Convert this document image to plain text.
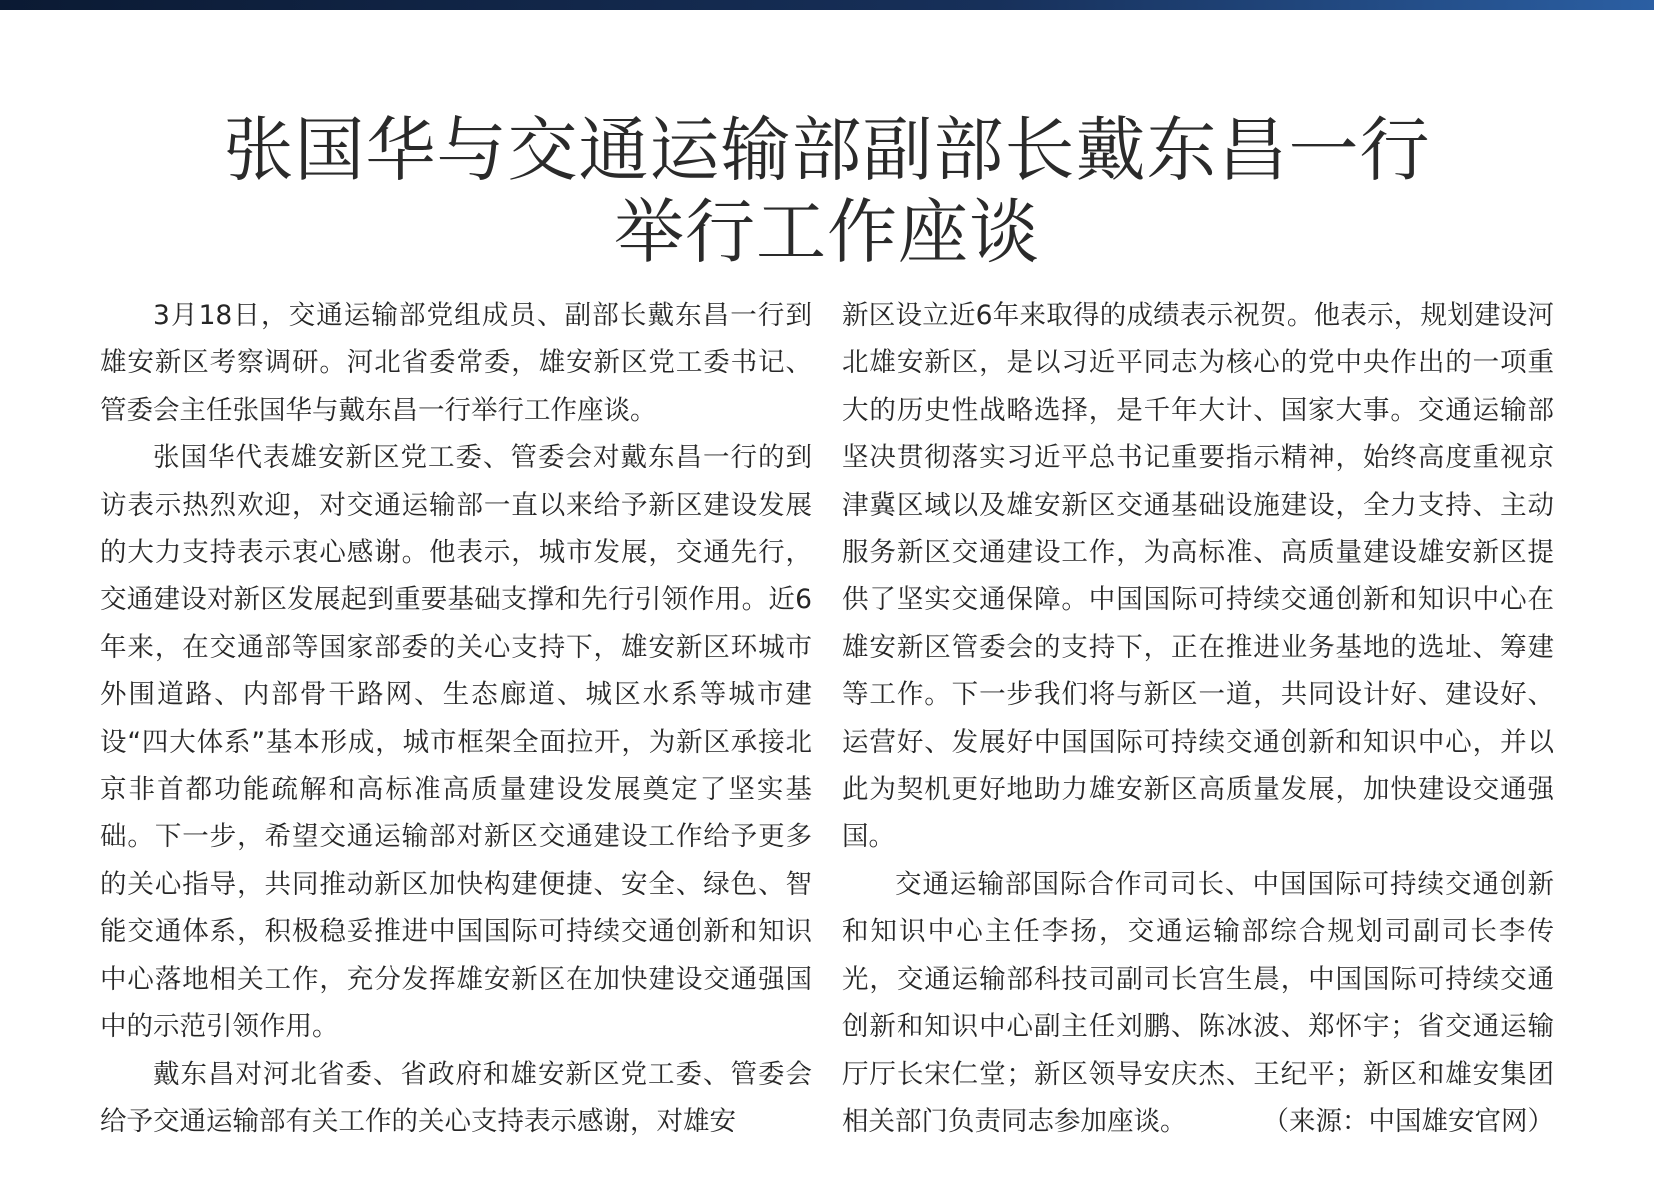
张国华与交通运输部副部长戴东昌一行
举行工作座谈

3月18日，交通运输部党组成员、副部长戴东昌一行到雄安新区考察调研。河北省委常委，雄安新区党工委书记、管委会主任张国华与戴东昌一行举行工作座谈。

张国华代表雄安新区党工委、管委会对戴东昌一行的到访表示热烈欢迎，对交通运输部一直以来给予新区建设发展的大力支持表示衷心感谢。他表示，城市发展，交通先行，交通建设对新区发展起到重要基础支撑和先行引领作用。近6年来，在交通部等国家部委的关心支持下，雄安新区环城市外围道路、内部骨干路网、生态廊道、城区水系等城市建设“四大体系”基本形成，城市框架全面拉开，为新区承接北京非首都功能疏解和高标准高质量建设发展奠定了坚实基础。下一步，希望交通运输部对新区交通建设工作给予更多的关心指导，共同推动新区加快构建便捷、安全、绿色、智能交通体系，积极稳妥推进中国国际可持续交通创新和知识中心落地相关工作，充分发挥雄安新区在加快建设交通强国中的示范引领作用。

戴东昌对河北省委、省政府和雄安新区党工委、管委会给予交通运输部有关工作的关心支持表示感谢，对雄安

新区设立近6年来取得的成绩表示祝贺。他表示，规划建设河北雄安新区，是以习近平同志为核心的党中央作出的一项重大的历史性战略选择，是千年大计、国家大事。交通运输部坚决贯彻落实习近平总书记重要指示精神，始终高度重视京津冀区域以及雄安新区交通基础设施建设，全力支持、主动服务新区交通建设工作，为高标准、高质量建设雄安新区提供了坚实交通保障。中国国际可持续交通创新和知识中心在雄安新区管委会的支持下，正在推进业务基地的选址、筹建等工作。下一步我们将与新区一道，共同设计好、建设好、运营好、发展好中国国际可持续交通创新和知识中心，并以此为契机更好地助力雄安新区高质量发展，加快建设交通强国。

交通运输部国际合作司司长、中国国际可持续交通创新和知识中心主任李扬，交通运输部综合规划司副司长李传光，交通运输部科技司副司长宫生晨，中国国际可持续交通创新和知识中心副主任刘鹏、陈冰波、郑怀宇；省交通运输厅厅长宋仁堂；新区领导安庆杰、王纪平；新区和雄安集团相关部门负责同志参加座谈。	（来源：中国雄安官网）
